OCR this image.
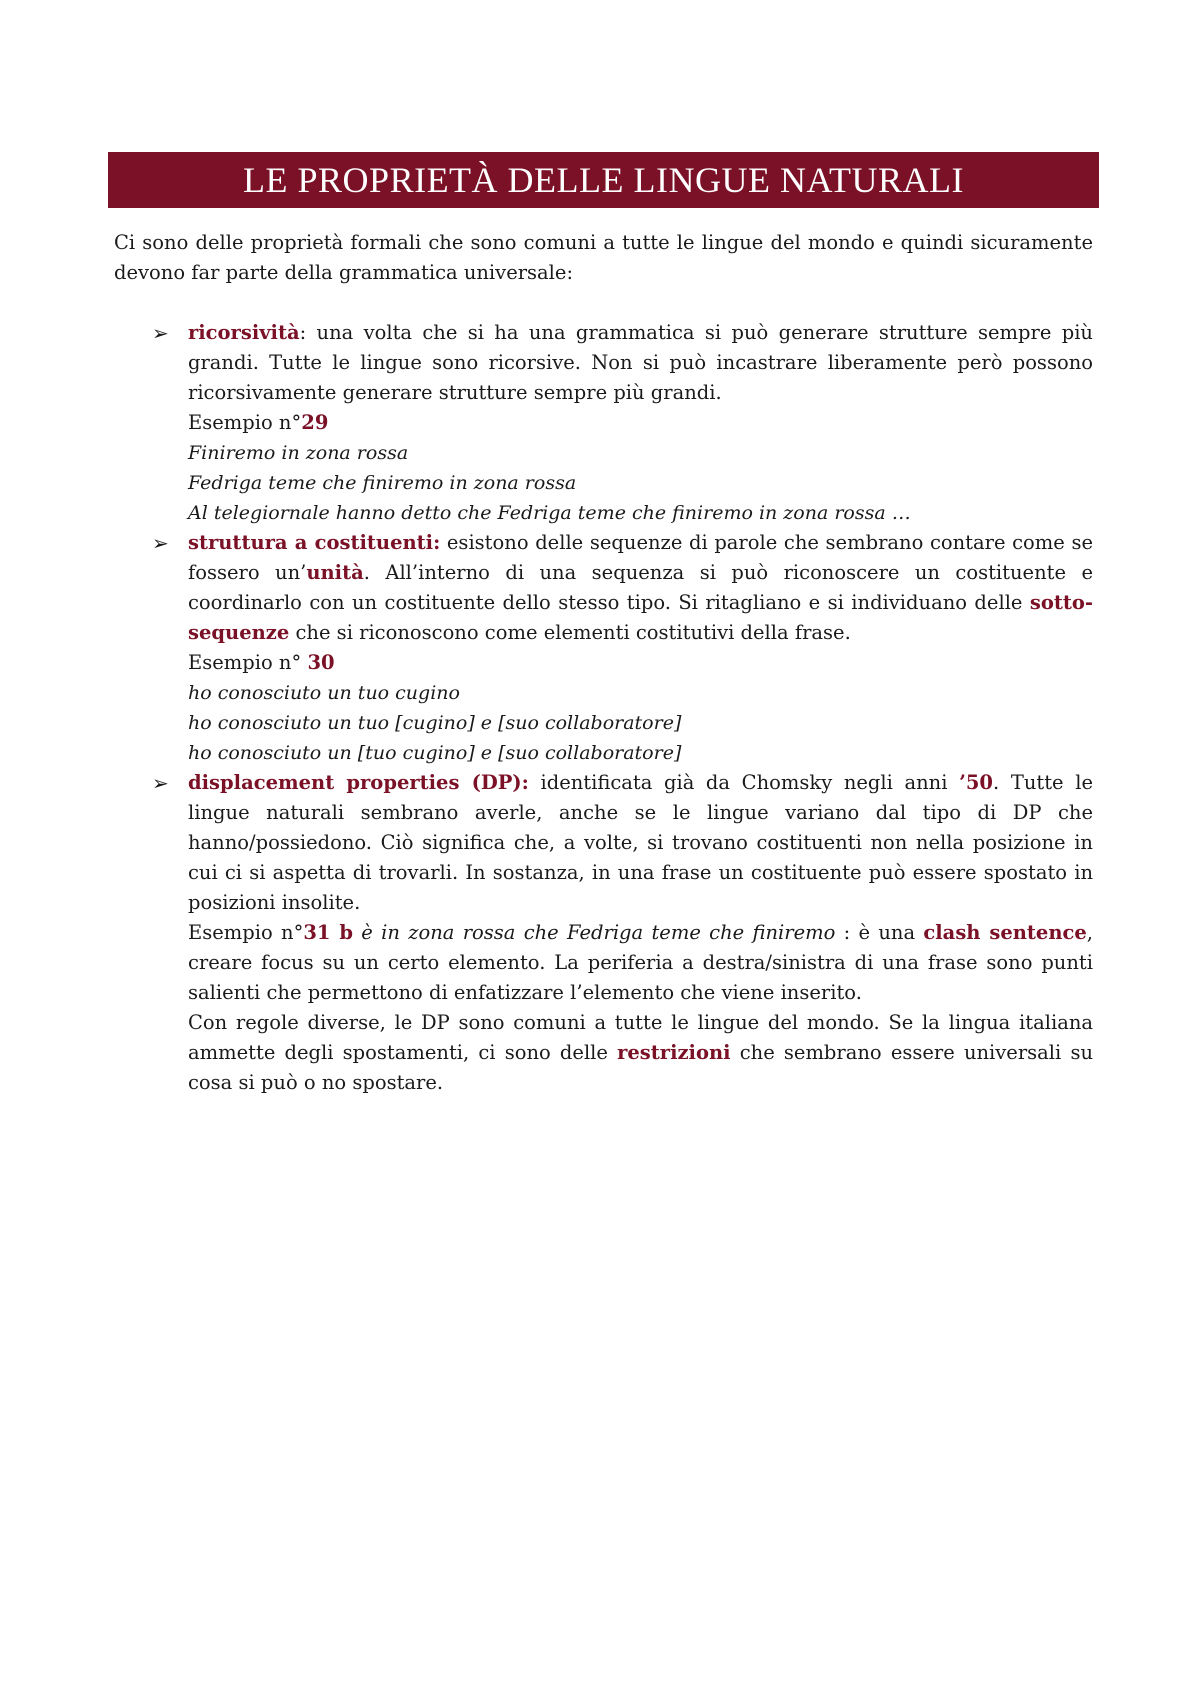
LE PROPRIETÀ DELLE LINGUE NATURALI

Ci sono delle proprietà formali che sono comuni a tutte le lingue del mondo e quindi sicuramente devono far parte della grammatica universale:

➢ ricorsività: una volta che si ha una grammatica si può generare strutture sempre più grandi. Tutte le lingue sono ricorsive. Non si può incastrare liberamente però possono ricorsivamente generare strutture sempre più grandi.

Esempio n°29

Finiremo in zona rossa

Fedriga teme che finiremo in zona rossa

Al telegiornale hanno detto che Fedriga teme che finiremo in zona rossa …

➢ struttura a costituenti: esistono delle sequenze di parole che sembrano contare come se fossero un’unità. All’interno di una sequenza si può riconoscere un costituente e coordinarlo con un costituente dello stesso tipo. Si ritagliano e si individuano delle sotto-sequenze che si riconoscono come elementi costitutivi della frase.

Esempio n° 30

ho conosciuto un tuo cugino

ho conosciuto un tuo [cugino] e [suo collaboratore]

ho conosciuto un [tuo cugino] e [suo collaboratore]

➢ displacement properties (DP): identificata già da Chomsky negli anni ’50. Tutte le lingue naturali sembrano averle, anche se le lingue variano dal tipo di DP che hanno/possiedono. Ciò significa che, a volte, si trovano costituenti non nella posizione in cui ci si aspetta di trovarli. In sostanza, in una frase un costituente può essere spostato in posizioni insolite.

Esempio n°31 b è in zona rossa che Fedriga teme che finiremo : è una clash sentence, creare focus su un certo elemento. La periferia a destra/sinistra di una frase sono punti salienti che permettono di enfatizzare l’elemento che viene inserito.

Con regole diverse, le DP sono comuni a tutte le lingue del mondo. Se la lingua italiana ammette degli spostamenti, ci sono delle restrizioni che sembrano essere universali su cosa si può o no spostare.
